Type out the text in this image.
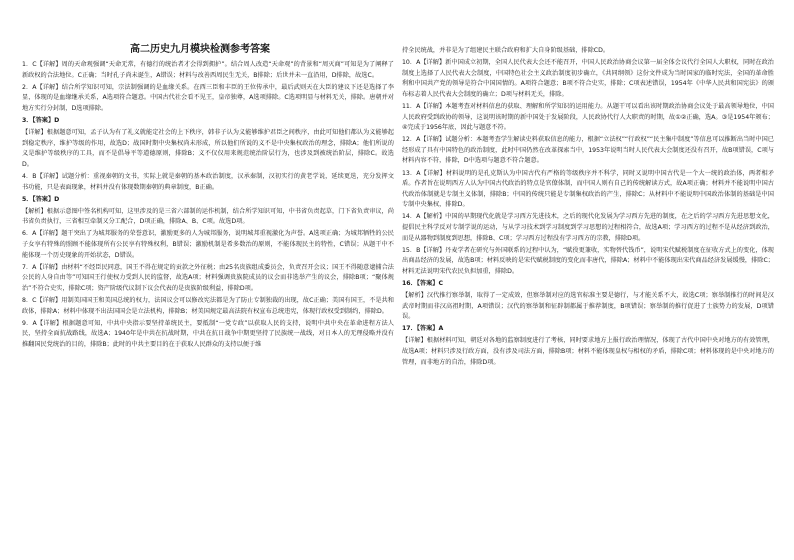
高二历史九月模块检测参考答案

1．C【详解】周的天命观强调“天命无常，有德行的统治者才会得到拥护”。结合周人改造“天命观”的背景和“周灭商”可知是为了阐释了新政权的合法地位。C正确；当时孔子尚未诞生，A错误；材料与改善西周民生无关，B排除；后世并未一直沿用，D排除，故选C。

2．A【详解】结合所学知识可知，宗法制强调的是血缘关系。在西三臣和丰臣的王位传承中，最后武则天在大臣的建议下还是选择了李显，体现的是血缘继承关系，A选项符合题意。中国古代社会看不见王，皇帝独尊，A选项排除。C选项明显与材料无关，排除。唐朝并对地方实行分封制，D选项排除。

3．【答案】D

【详解】根据题意可知，孟子认为有了礼义就能定社会的上下秩序，韩非子认为义能够维护君臣之间秩序，由此可知他们都认为义能够起到稳定秩序，维护等级的作用，故选D；战国时期中央集权尚未形成，所以他们所说的义不是中央集权政治的理念，排除A；他们所说的义是维护等级秩序的工具，而不是倡导平等道德原则，排除B；义不仅仅用来规范统治阶层行为，也涉及到被统治阶层，排除C。故选D。

4．B【详解】试题分析：重视秦朝的文书，实际上就是秦朝的基本政治制度，汉承秦制，汉初实行的黄老学说，延续更迭，充分发挥文书功能，只是表面现象，材料并没有体现数期秦朝的典章制度，B正确。

5．【答案】D

【解析】根据示意图中签名机构可知，这里涉及的是三省六部制的运作机制，结合所学知识可知，中书省负责起草，门下省负责审议，尚书省负责执行，三省相互牵制又分工配合，D项正确，排除A、B、C项。故选D项。

6．A【详解】题干突出了为城邦服务的荣誉意识，激励更多的人为城邦服务，说明城邦重视激化为声誉。A选项正确；为城邦牺牲的公民子女享有特殊的照顾不能体现所有公民享有特殊权利，B错误；激励机制是希多数治的原则，不能体现民主的特性，C错误；从题干中不能体现一个历史现象的开始状态，D错误。

7．A【详解】由材料“不经臣民同意，国王不得在规定的贡款之外征税；由25名贵族组成委员会，负责召开会议；国王不得随意逮捕合法公民的人身自由等”可知国王行使权力受到人民的监督，故选A项；材料强调贵族院成员的议会而非选举产生的议会，排除B项；“聚体规治”不符合史实，排除C项；资产阶级代议制下议会代表的是贵族阶级利益，排除D项。

8．C【详解】用制美国国王和美国总统的权力，法国议会可以修改宪法都是为了防止专制独裁的出现，故C正确；美国有国王，不是共和政体，排除A；材料中体现不出法国国会是立法机构，排除B；材美国规定最高法院有权宣布总统违宪，体现行政权受到制约，排除D。

9．A【详解】根据题意可知，中共中央指示要坚持革统民主，要抵制“一党专政”以获取人民的支持，说明中共中央在革命进程方法人民，坚持全面抗战路线，故选A；1940年是中共在抗战时期，中共在抗日战争中期更坚持了民族统一战线，对日本人的无理侵略并没有推翻国民党统治的目的，排除B；此时的中共主要目的在于获取人民群众的支持以便于维

持全民统战，并非是为了组建民主联合政府和扩大自身阶级基础，排除CD。

10．A【详解】新中国成立初期，全国人民代表大会还不能召开，中国人民政治协商会议第一届全体会议代行全国人大职权，同时在政治制度上选择了人民代表大会制度，中国特色社会主义政治制度初步确立，《共同纲领》这份文件成为当时国家的临时宪法，全国的革命胜利和中国共产党的领导是符合中国国情的。A项符合题意；B项不符合史实，排除；C项表述错误，1954年《中华人民共和国宪法》的颁布标志着人民代表大会制度的确立；D项与材料无关，排除。

11．A【详解】本题考查对材料信息的获取、理解和所学知识的运用能力。从题干可以看出该时期政治协商会议处于最高领导地位，中国人民政府受到政协的领导，这说明该时期的新中国处于发展阶段，人民政协代行人大职责的时期，故①②正确，选A。③是1954年颁布；④完成于1956年底，因此与题意不符。

12．A【详解】试题分析：本题考查学生解读史料获取信息的能力，根据“立法权”“行政权”“民主集中制度”等信息可以推断出当时中国已经形成了具有中国特色的政治制度，此时中国仍然在改革探索当中，1953年说明当时人民代表大会制度还没有召开，故B项错误，C项与材料内容不符，排除，D中选项与题意不符合题意。

13．A【详解】材料说明的是孔克斯认为中国古代有严格的等级秩序并不科学，同时又说明中国古代是一个大一统的政治体，两者相矛盾。作者旨在说明西方人认为中国古代政治的特点是官僚体制，而中国人则有自己的传统解读方式，故A项正确；材料并不能说明中国古代政治体制就是专制主义体制，排除B；中国的传统只能是专制集权政治的产生，排除C；从材料中不能说明中国政治体制的基础是中国专制中央集权，排除D。

14．A【解析】中国的早期现代化就是学习西方先进技术，之后的现代化发展为学习西方先进的制度，在之后的学习西方先进思想文化，提倡民主科学反对专制学说的运动，与从学习技术到学习制度到学习思想的过程相符合，故选A项；学习西方的过程不是从经济到政治，而是从器物到制度到思想，排除B、C项；学习西方过程没有学习西方的宗教，排除D项。

15．B【详解】丹麦学者在研究与外国联系的过程中认为，“赋役更兼收，实物替代钱币”，说明宋代赋税制度在征收方式上的变化，体现出商品经济的发展，故选B项；材料反映的是宋代赋税制度的变化而非唐代，排除A；材料中不能体现出宋代商品经济发展缓慢，排除C；材料无法说明宋代农民负担加重，排除D。

16．【答案】C

【解析】汉代推行察举制，取得了一定成效，但察举制对应的选官标准主要是德行，与才能关系不大，故选C项；察举制推行的时间是汉武帝时期而非汉高祖时期，A项错误；汉代的察举制和征辟制都属于推荐制度，B项错误；察举制的推行促进了士族势力的发展，D项错误。

17．【答案】A

【详解】根据材料可知，朝廷对各地的监察制度进行了考核，同时要求地方上报行政治理情况，体现了古代中国中央对地方的有效管理，故选A项；材料只涉及行政方面，没有涉及司法方面，排除B项；材料不能体现皇权与相权的矛盾，排除C项；材料体现的是中央对地方的管理，而非地方的自治，排除D项。
